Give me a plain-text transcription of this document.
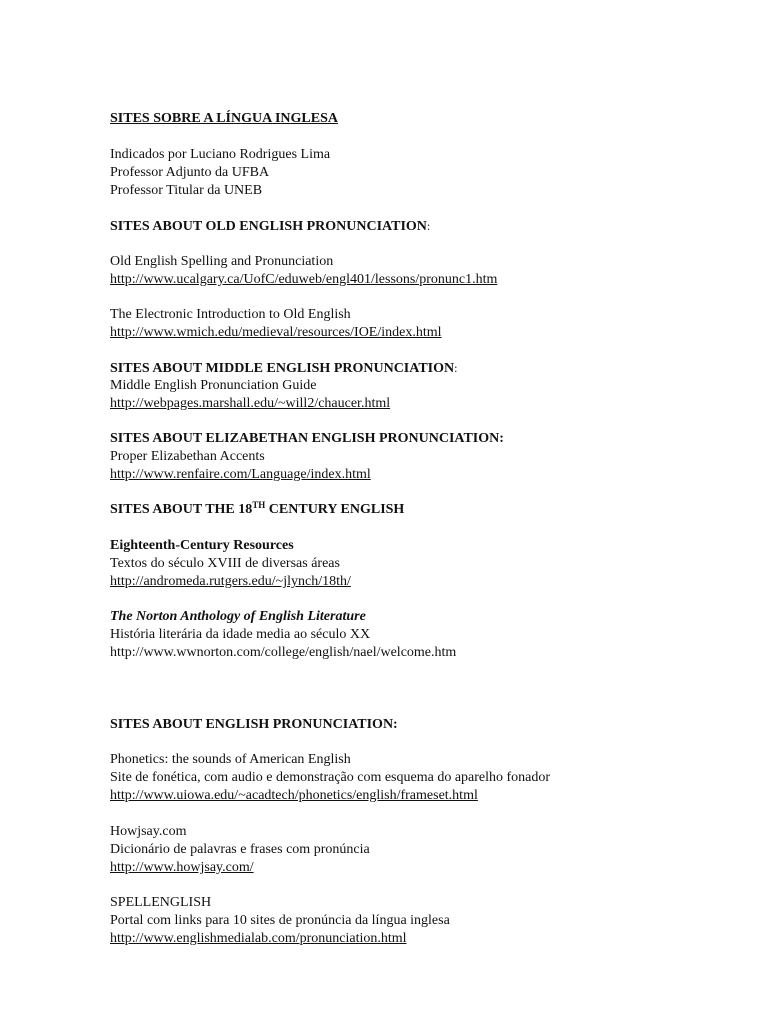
SITES SOBRE A LÍNGUA INGLESA
Indicados por Luciano Rodrigues Lima
Professor Adjunto da UFBA
Professor Titular da UNEB
SITES ABOUT OLD ENGLISH PRONUNCIATION:
Old English Spelling and Pronunciation
http://www.ucalgary.ca/UofC/eduweb/engl401/lessons/pronunc1.htm
The Electronic Introduction to Old English
http://www.wmich.edu/medieval/resources/IOE/index.html
SITES ABOUT MIDDLE ENGLISH PRONUNCIATION:
Middle English Pronunciation Guide
http://webpages.marshall.edu/~will2/chaucer.html
SITES ABOUT ELIZABETHAN ENGLISH PRONUNCIATION:
Proper Elizabethan Accents
http://www.renfaire.com/Language/index.html
SITES ABOUT THE 18TH CENTURY ENGLISH
Eighteenth-Century Resources
Textos do século XVIII de diversas áreas
http://andromeda.rutgers.edu/~jlynch/18th/
The Norton Anthology of English Literature
História literária da idade media ao século XX
http://www.wwnorton.com/college/english/nael/welcome.htm
SITES ABOUT ENGLISH PRONUNCIATION:
Phonetics: the sounds of American English
Site de fonética, com audio e demonstração com esquema do aparelho fonador
http://www.uiowa.edu/~acadtech/phonetics/english/frameset.html
Howjsay.com
Dicionário de palavras e frases com pronúncia
http://www.howjsay.com/
SPELLENGLISH
Portal com links para 10 sites de pronúncia da língua inglesa
http://www.englishmedialab.com/pronunciation.html
